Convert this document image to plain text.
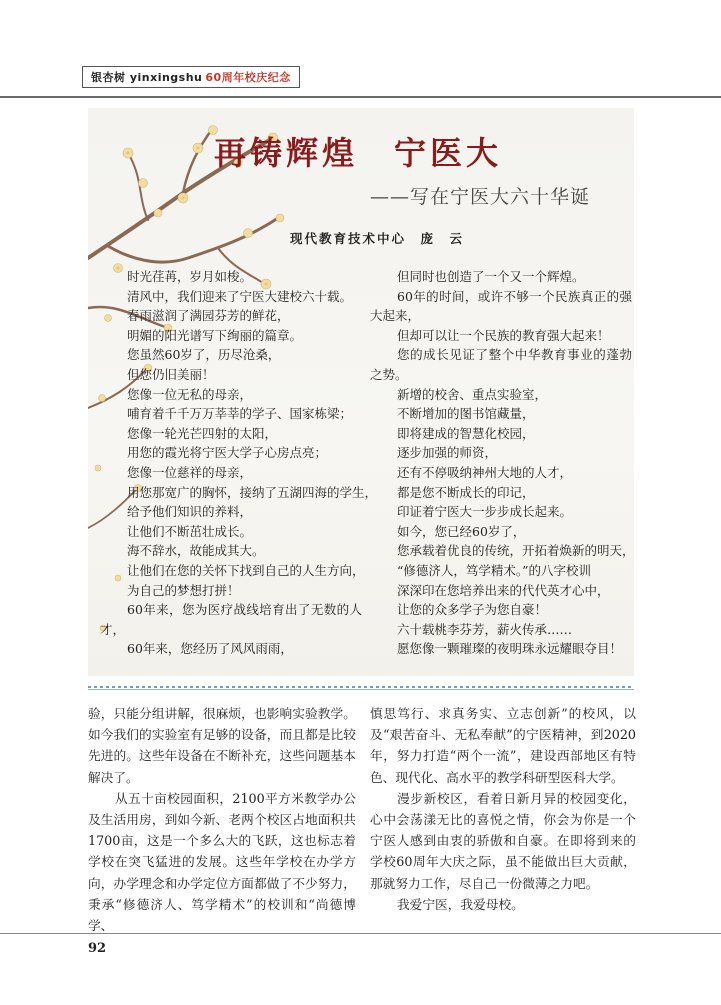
银杏树 yinxingshu 60周年校庆纪念
再铸辉煌　宁医大
——写在宁医大六十华诞
现代教育技术中心　庞　云
时光荏苒，岁月如梭。
清风中，我们迎来了宁医大建校六十载。
春雨滋润了满园芬芳的鲜花，
明媚的阳光谱写下绚丽的篇章。
您虽然60岁了，历尽沧桑，
但您仍旧美丽！
您像一位无私的母亲，
哺育着千千万万莘莘的学子、国家栋梁；
您像一轮光芒四射的太阳，
用您的霞光将宁医大学子心房点亮；
您像一位慈祥的母亲，
用您那宽广的胸怀，接纳了五湖四海的学生，
给予他们知识的养料，
让他们不断茁壮成长。
海不辞水，故能成其大。
让他们在您的关怀下找到自己的人生方向，
为自己的梦想打拼！
60年来，您为医疗战线培育出了无数的人才，
60年来，您经历了风风雨雨，
但同时也创造了一个又一个辉煌。
60年的时间，或许不够一个民族真正的强大起来，
但却可以让一个民族的教育强大起来！
您的成长见证了整个中华教育事业的蓬勃之势。
新增的校舍、重点实验室，
不断增加的图书馆藏量，
即将建成的智慧化校园，
逐步加强的师资，
还有不停吸纳神州大地的人才，
都是您不断成长的印记，
印证着宁医大一步步成长起来。
如今，您已经60岁了，
您承载着优良的传统，开拓着焕新的明天，
“修德济人，笃学精术。”的八字校训
深深印在您培养出来的代代英才心中，
让您的众多学子为您自豪！
六十载桃李芬芳，薪火传承……
愿您像一颗璀璨的夜明珠永远耀眼夺目！

验，只能分组讲解，很麻烦，也影响实验教学。如今我们的实验室有足够的设备，而且都是比较先进的。这些年设备在不断补充，这些问题基本解决了。

从五十亩校园面积，2100平方米教学办公及生活用房，到如今新、老两个校区占地面积共1700亩，这是一个多么大的飞跃，这也标志着学校在突飞猛进的发展。这些年学校在办学方向，办学理念和办学定位方面都做了不少努力，秉承“修德济人、笃学精术”的校训和“尚德博学、

慎思笃行、求真务实、立志创新”的校风，以及“艰苦奋斗、无私奉献”的宁医精神，到2020年，努力打造“两个一流”，建设西部地区有特色、现代化、高水平的教学科研型医科大学。

漫步新校区，看着日新月异的校园变化，心中会荡漾无比的喜悦之情，你会为你是一个宁医人感到由衷的骄傲和自豪。在即将到来的学校60周年大庆之际，虽不能做出巨大贡献，那就努力工作，尽自己一份微薄之力吧。

我爱宁医，我爱母校。

92
